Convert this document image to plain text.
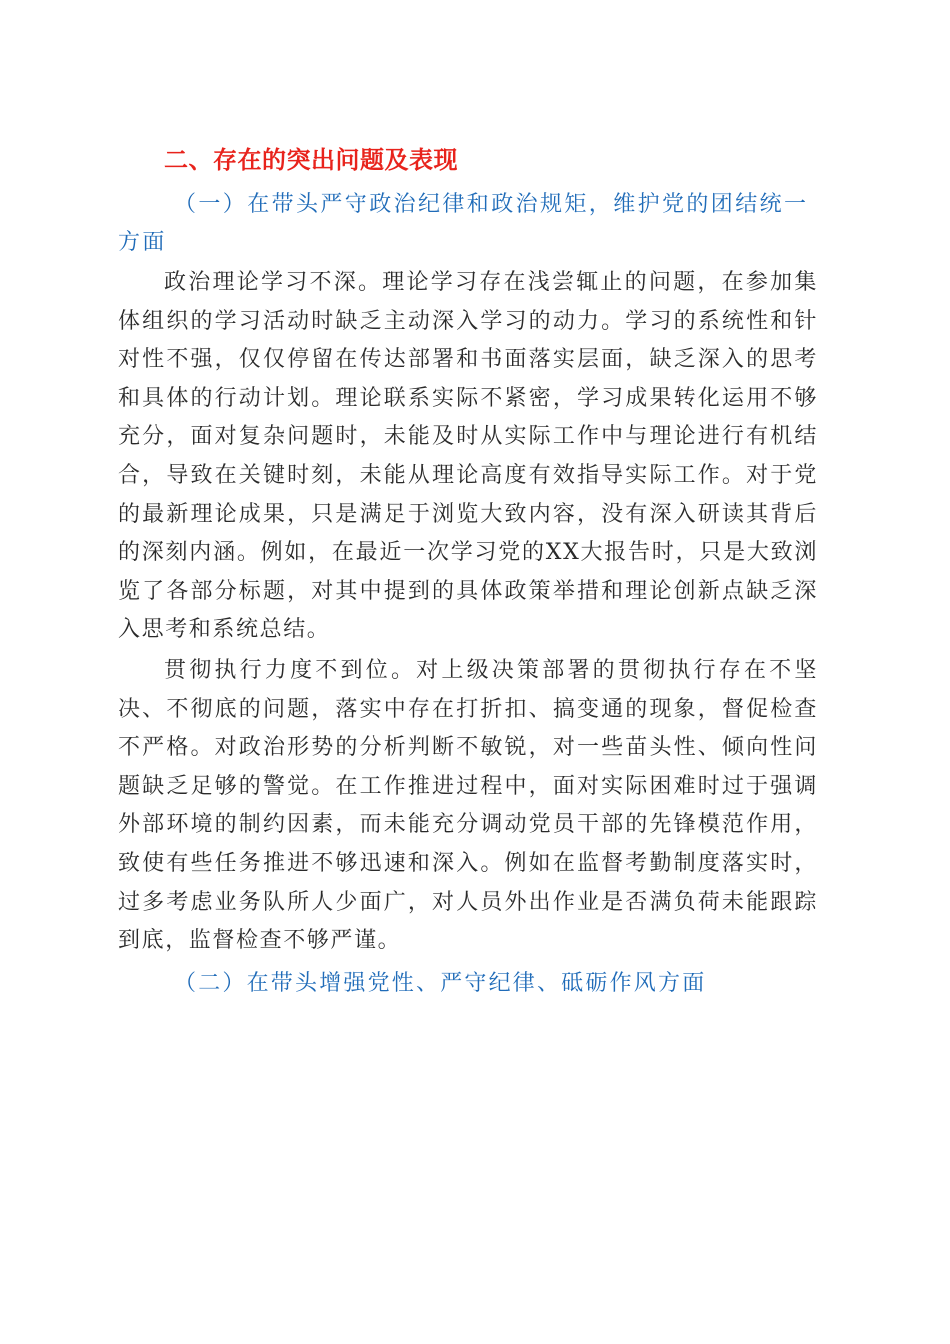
二、存在的突出问题及表现

（一）在带头严守政治纪律和政治规矩，维护党的团结统一方面

政治理论学习不深。理论学习存在浅尝辄止的问题，在参加集体组织的学习活动时缺乏主动深入学习的动力。学习的系统性和针对性不强，仅仅停留在传达部署和书面落实层面，缺乏深入的思考和具体的行动计划。理论联系实际不紧密，学习成果转化运用不够充分，面对复杂问题时，未能及时从实际工作中与理论进行有机结合，导致在关键时刻，未能从理论高度有效指导实际工作。对于党的最新理论成果，只是满足于浏览大致内容，没有深入研读其背后的深刻内涵。例如，在最近一次学习党的XX大报告时，只是大致浏览了各部分标题，对其中提到的具体政策举措和理论创新点缺乏深入思考和系统总结。

贯彻执行力度不到位。对上级决策部署的贯彻执行存在不坚决、不彻底的问题，落实中存在打折扣、搞变通的现象，督促检查不严格。对政治形势的分析判断不敏锐，对一些苗头性、倾向性问题缺乏足够的警觉。在工作推进过程中，面对实际困难时过于强调外部环境的制约因素，而未能充分调动党员干部的先锋模范作用，致使有些任务推进不够迅速和深入。例如在监督考勤制度落实时，过多考虑业务队所人少面广，对人员外出作业是否满负荷未能跟踪到底，监督检查不够严谨。

（二）在带头增强党性、严守纪律、砥砺作风方面
